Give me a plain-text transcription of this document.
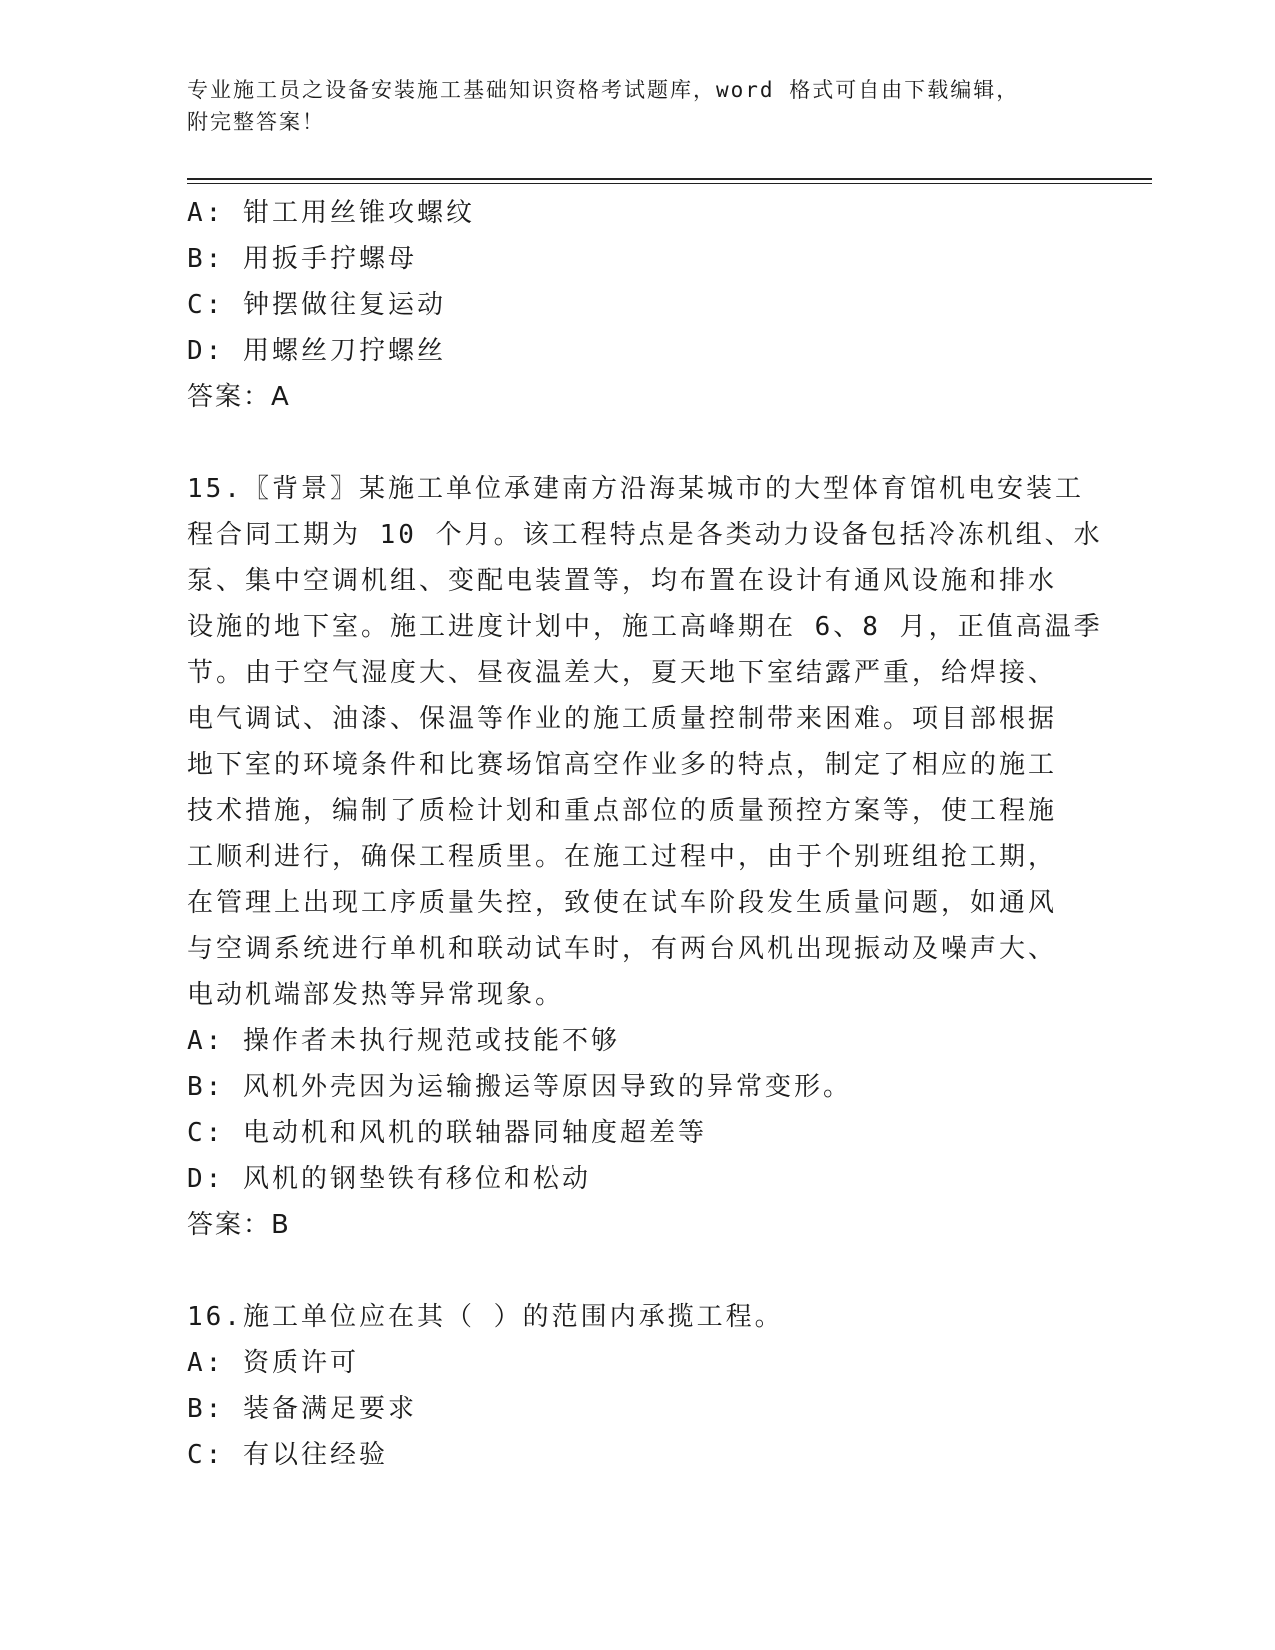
专业施工员之设备安装施工基础知识资格考试题库，word 格式可自由下载编辑，
附完整答案！
A: 钳工用丝锥攻螺纹
B: 用扳手拧螺母
C: 钟摆做往复运动
D: 用螺丝刀拧螺丝
答案：A
15.〖背景〗某施工单位承建南方沿海某城市的大型体育馆机电安装工
程合同工期为 10 个月。该工程特点是各类动力设备包括冷冻机组、水
泵、集中空调机组、变配电装置等，均布置在设计有通风设施和排水
设施的地下室。施工进度计划中，施工高峰期在 6、8 月，正值高温季
节。由于空气湿度大、昼夜温差大，夏天地下室结露严重，给焊接、
电气调试、油漆、保温等作业的施工质量控制带来困难。项目部根据
地下室的环境条件和比赛场馆高空作业多的特点，制定了相应的施工
技术措施，编制了质检计划和重点部位的质量预控方案等，使工程施
工顺利进行，确保工程质里。在施工过程中，由于个别班组抢工期，
在管理上出现工序质量失控，致使在试车阶段发生质量问题，如通风
与空调系统进行单机和联动试车时，有两台风机出现振动及噪声大、
电动机端部发热等异常现象。
A: 操作者未执行规范或技能不够
B: 风机外壳因为运输搬运等原因导致的异常变形。
C: 电动机和风机的联轴器同轴度超差等
D: 风机的钢垫铁有移位和松动
答案：B
16.施工单位应在其（ ）的范围内承揽工程。
A: 资质许可
B: 装备满足要求
C: 有以往经验
